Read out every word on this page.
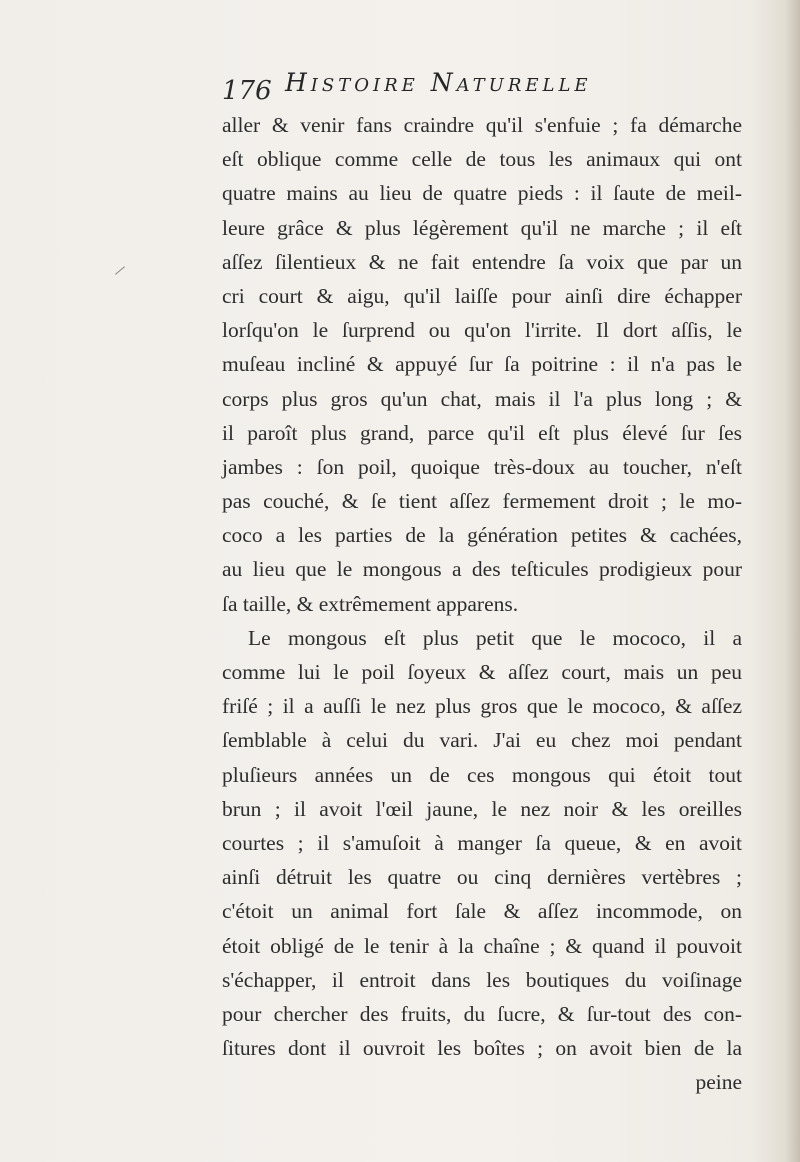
176 Histoire Naturelle
aller & venir fans craindre qu'il s'enfuie ; fa démarche
eſt oblique comme celle de tous les animaux qui ont
quatre mains au lieu de quatre pieds : il ſaute de meil-
leure grâce & plus légèrement qu'il ne marche ; il eſt
aſſez ſilentieux & ne fait entendre ſa voix que par un
cri court & aigu, qu'il laiſſe pour ainſi dire échapper
lorſqu'on le ſurprend ou qu'on l'irrite. Il dort aſſis, le
muſeau incliné & appuyé ſur ſa poitrine : il n'a pas le
corps plus gros qu'un chat, mais il l'a plus long ; &
il paroît plus grand, parce qu'il eſt plus élevé ſur ſes
jambes : ſon poil, quoique très-doux au toucher, n'eſt
pas couché, & ſe tient aſſez fermement droit ; le mo-
coco a les parties de la génération petites & cachées,
au lieu que le mongous a des teſticules prodigieux pour
ſa taille, & extrêmement apparens.
Le mongous eſt plus petit que le mococo, il a
comme lui le poil ſoyeux & aſſez court, mais un peu
friſé ; il a auſſi le nez plus gros que le mococo, & aſſez
ſemblable à celui du vari. J'ai eu chez moi pendant
pluſieurs années un de ces mongous qui étoit tout
brun ; il avoit l'œil jaune, le nez noir & les oreilles
courtes ; il s'amuſoit à manger ſa queue, & en avoit
ainſi détruit les quatre ou cinq dernières vertèbres ;
c'étoit un animal fort ſale & aſſez incommode, on
étoit obligé de le tenir à la chaîne ; & quand il pouvoit
s'échapper, il entroit dans les boutiques du voiſinage
pour chercher des fruits, du ſucre, & ſur-tout des con-
ſitures dont il ouvroit les boîtes ; on avoit bien de la
peine
